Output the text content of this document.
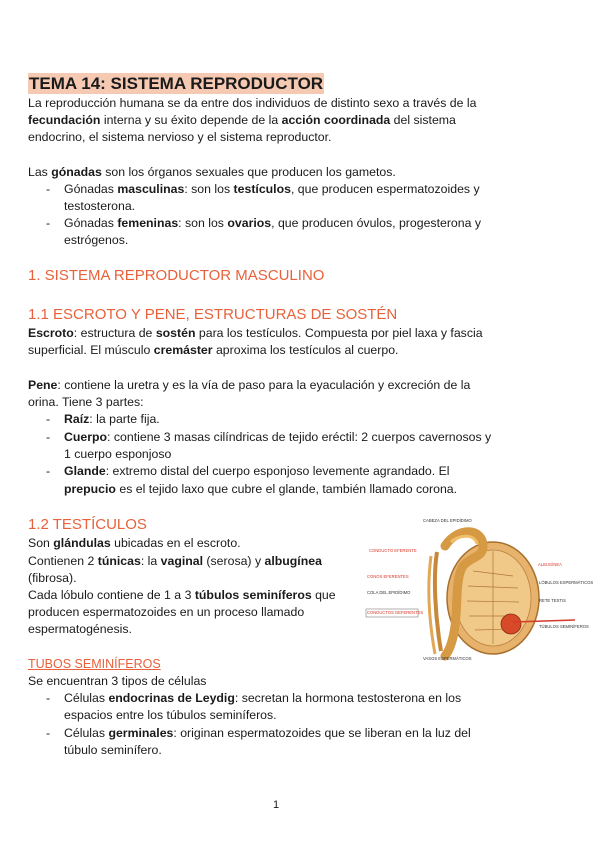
TEMA 14: SISTEMA REPRODUCTOR
La reproducción humana se da entre dos individuos de distinto sexo a través de la
fecundación interna y su éxito depende de la acción coordinada del sistema
endocrino, el sistema nervioso y el sistema reproductor.
Las gónadas son los órganos sexuales que producen los gametos.
- Gónadas masculinas: son los testículos, que producen espermatozoides y
testosterona.
- Gónadas femeninas: son los ovarios, que producen óvulos, progesterona y
estrógenos.
1. SISTEMA REPRODUCTOR MASCULINO
1.1 ESCROTO Y PENE, ESTRUCTURAS DE SOSTÉN
Escroto: estructura de sostén para los testículos. Compuesta por piel laxa y fascia
superficial. El músculo cremáster aproxima los testículos al cuerpo.
Pene: contiene la uretra y es la vía de paso para la eyaculación y excreción de la
orina. Tiene 3 partes:
- Raíz: la parte fija.
- Cuerpo: contiene 3 masas cilíndricas de tejido eréctil: 2 cuerpos cavernosos y
1 cuerpo esponjoso
- Glande: extremo distal del cuerpo esponjoso levemente agrandado. El
prepucio es el tejido laxo que cubre el glande, también llamado corona.
1.2 TESTÍCULOS
Son glándulas ubicadas en el escroto.
Contienen 2 túnicas: la vaginal (serosa) y albugínea
(fibrosa).
Cada lóbulo contiene de 1 a 3 túbulos seminíferos que
producen espermatozoides en un proceso llamado
espermatogénesis.
TUBOS SEMINÍFEROS
Se encuentran 3 tipos de células
- Células endocrinas de Leydig: secretan la hormona testosterona en los
espacios entre los túbulos seminíferos.
- Células germinales: originan espermatozoides que se liberan en la luz del
túbulo seminífero.
CABEZA DEL EPIDÍDIMO
CONDUCTO EFERENTE
CONOS EFERENTES
COLA DEL EPIDÍDIMO
CONDUCTOS DEFERENTES
ALBUGÍNEA
LÓBULOS ESPERMÁTICOS
RETE TESTIS
TÚBULOS SEMINÍFEROS
VASOS ESPERMÁTICOS
1
